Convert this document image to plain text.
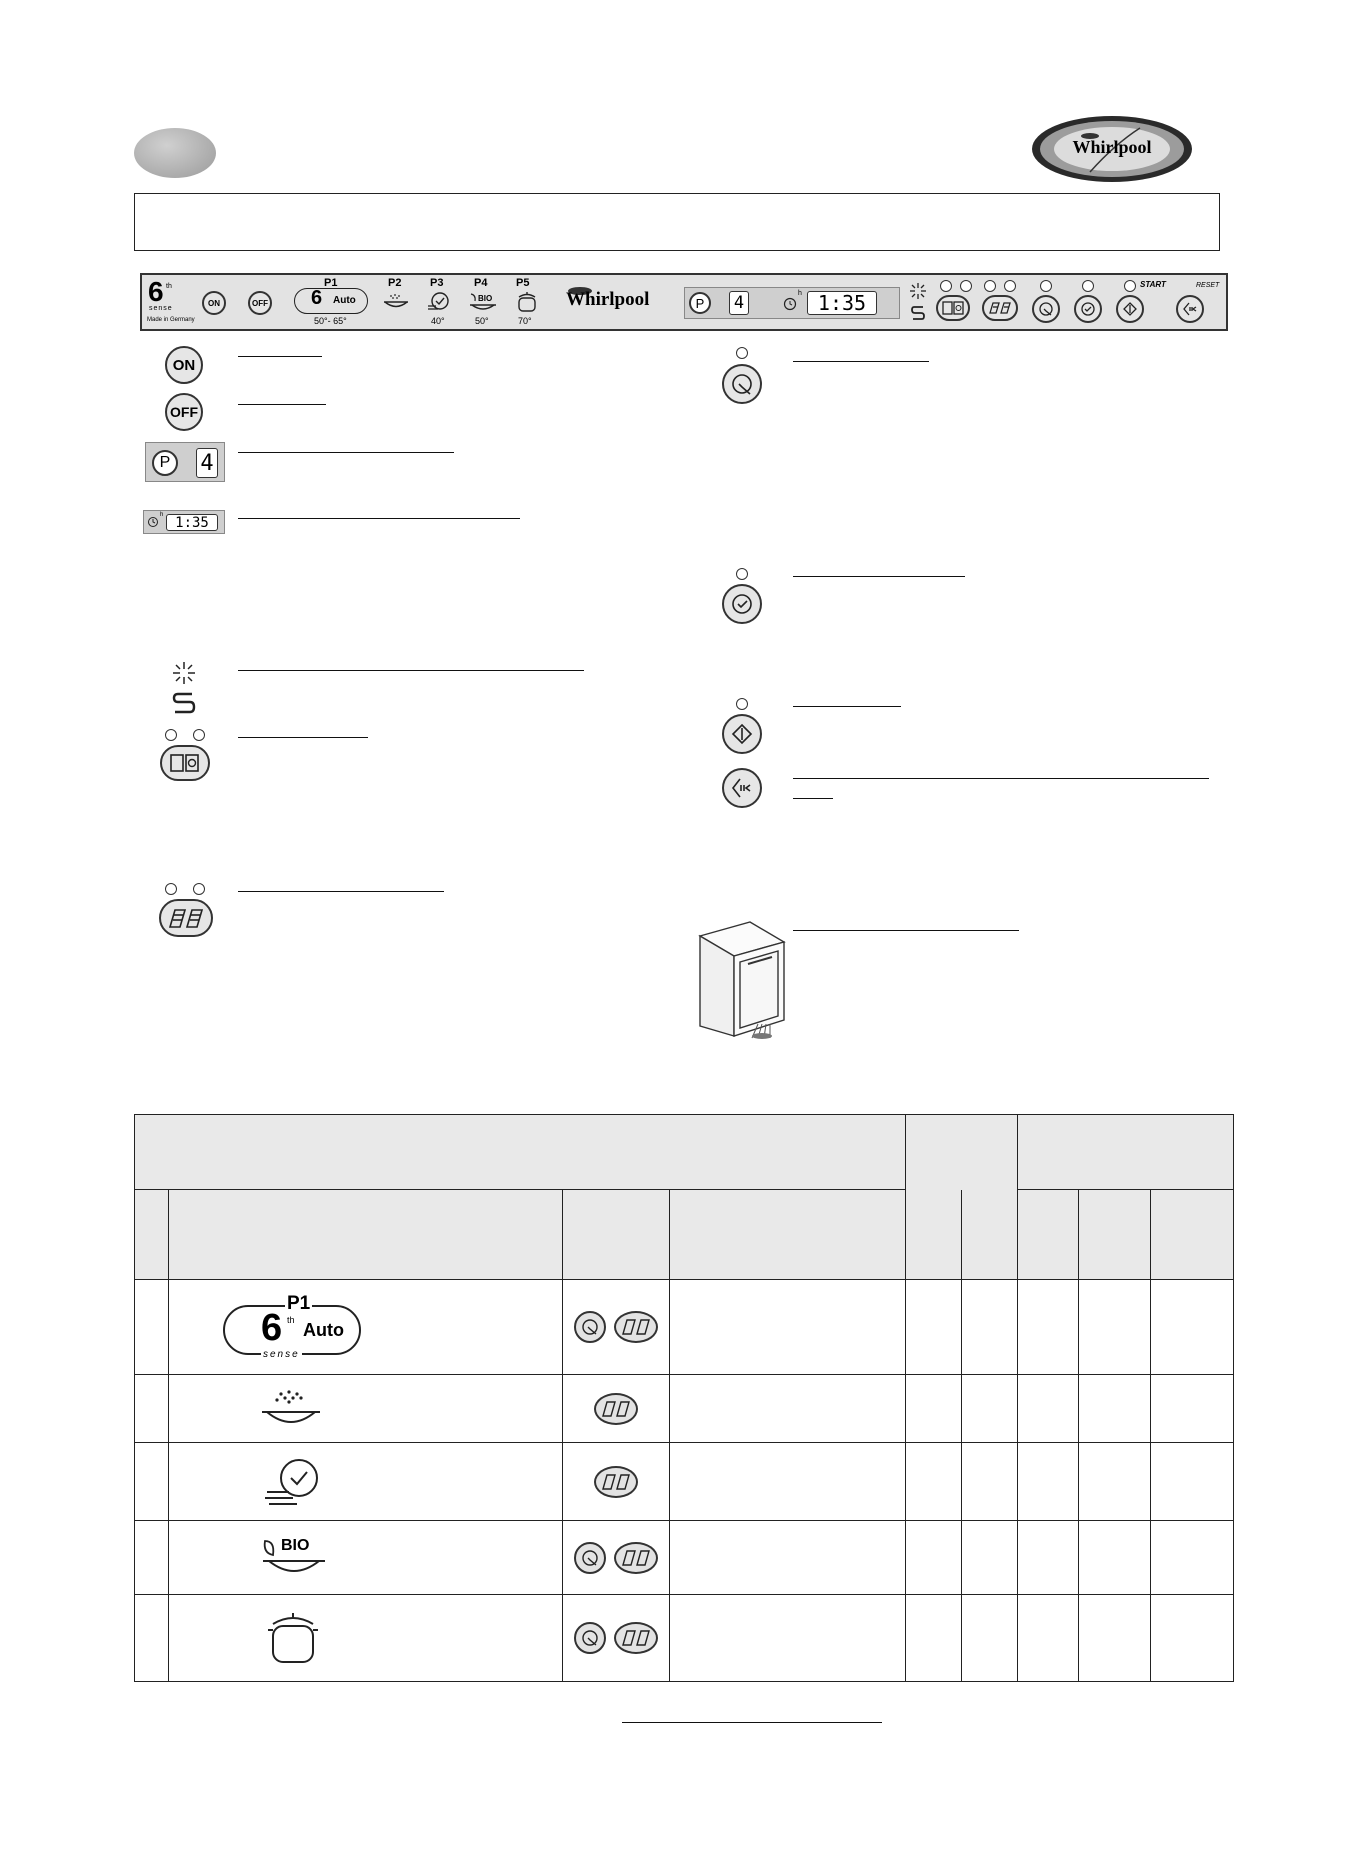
Whirlpool
6 th
sense
Made in Germany
ON	OFF
P1
6 Auto
50°- 65°
P2	P3
40°
P4
BIO
50°
P5
70°
Whirlpool	P 4	h 1:35
START	RESET
ON
OFF
P 4
h 1:35

	P1
6 th Auto
sense

	BIO
